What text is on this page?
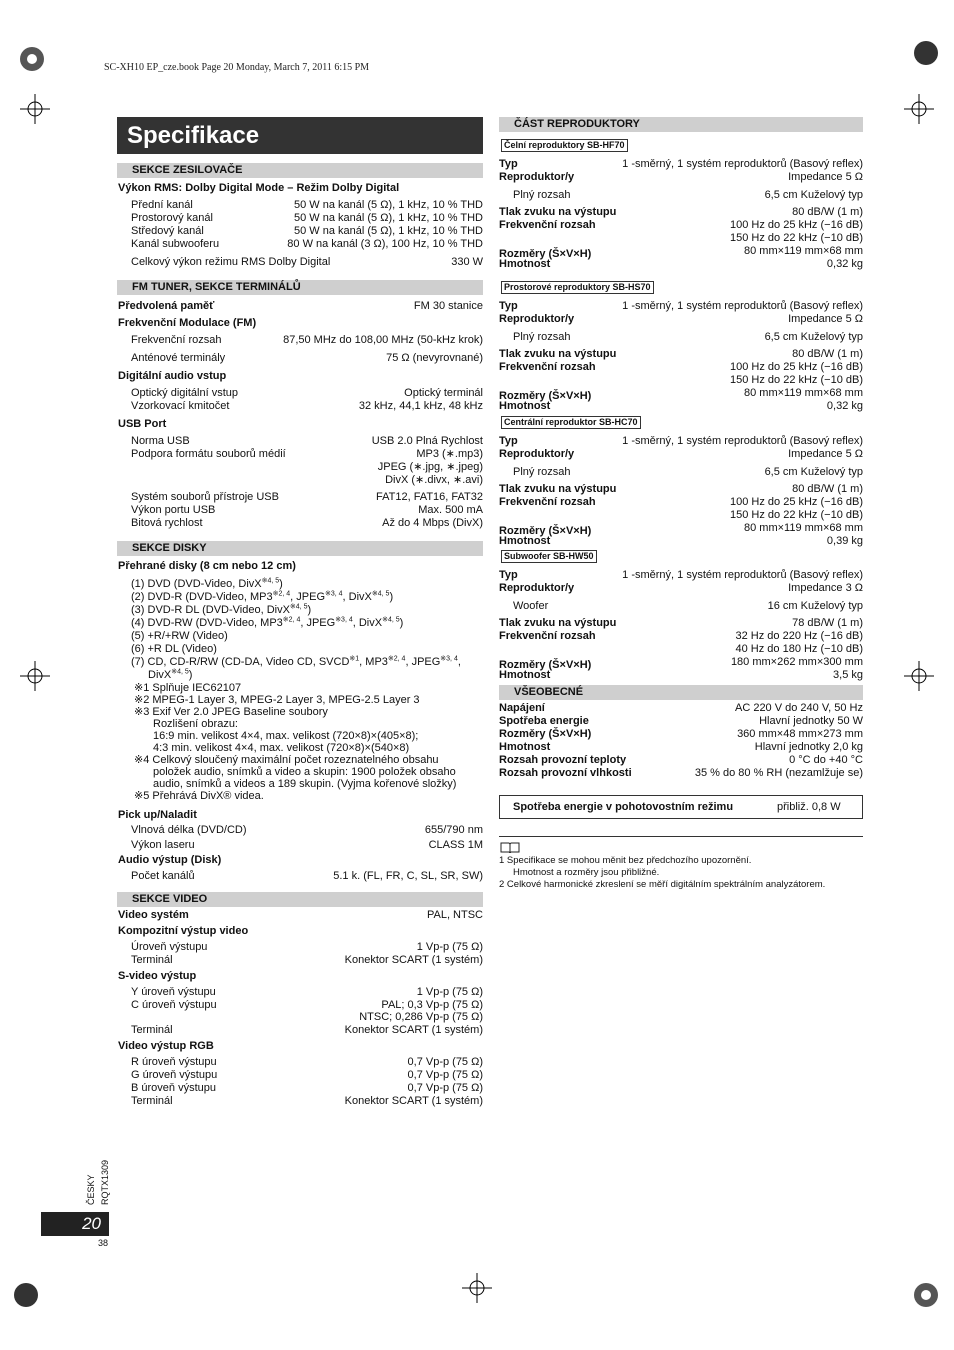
SC-XH10 EP_cze.book Page 20 Monday, March 7, 2011 6:15 PM
Specifikace
SEKCE ZESILOVAČE
Výkon RMS: Dolby Digital Mode – Režim Dolby Digital
Přední kanál	50 W na kanál (5 Ω), 1 kHz, 10 % THD
Prostorový kanál	50 W na kanál (5 Ω), 1 kHz, 10 % THD
Středový kanál	50 W na kanál (5 Ω), 1 kHz, 10 % THD
Kanál subwooferu	80 W na kanál (3 Ω), 100 Hz, 10 % THD
Celkový výkon režimu RMS Dolby Digital	330 W
FM TUNER, SEKCE TERMINÁLŮ
Předvolená paměť	FM 30 stanice
Frekvenční Modulace (FM)
Frekvenční rozsah	87,50 MHz do 108,00 MHz (50-kHz krok)
Anténové terminály	75 Ω (nevyrovnané)
Digitální audio vstup
Optický digitální vstup	Optický terminál
Vzorkovací kmitočet	32 kHz, 44,1 kHz, 48 kHz
USB Port
Norma USB	USB 2.0 Plná Rychlost
Podpora formátu souborů médií	MP3 (∗.mp3)
JPEG (∗.jpg, ∗.jpeg)
DivX (∗.divx, ∗.avi)
Systém souborů přístroje USB	FAT12, FAT16, FAT32
Výkon portu USB	Max. 500 mA
Bitová rychlost	Až do 4 Mbps (DivX)
SEKCE DISKY
Přehrané disky (8 cm nebo 12 cm)
(1) DVD (DVD-Video, DivX$^{※4, 5}$)
(2) DVD-R (DVD-Video, MP3$^{※2, 4}$, JPEG$^{※3, 4}$, DivX$^{※4, 5}$)
(3) DVD-R DL (DVD-Video, DivX$^{※4, 5}$)
(4) DVD-RW (DVD-Video, MP3$^{※2, 4}$, JPEG$^{※3, 4}$, DivX$^{※4, 5}$)
(5) +R/+RW (Video)
(6) +R DL (Video)
(7) CD, CD-R/RW (CD-DA, Video CD, SVCD$^{※1}$, MP3$^{※2, 4}$, JPEG$^{※3, 4}$,
DivX$^{※4, 5}$)
※1 Splňuje IEC62107
※2 MPEG-1 Layer 3, MPEG-2 Layer 3, MPEG-2.5 Layer 3
※3 Exif Ver 2.0 JPEG Baseline soubory
Rozlišení obrazu:
16:9 min. velikost 4×4, max. velikost (720×8)×(405×8);
4:3 min. velikost 4×4, max. velikost (720×8)×(540×8)
※4 Celkový sloučený maximální počet rozeznatelného obsahu
položek audio, snímků a video a skupin: 1900 položek obsaho
audio, snímků a videos a 189 skupin. (Vyjma kořenové složky)
※5 Přehrává DivX® videa.
Pick up/Naladit
Vlnová délka (DVD/CD)	655/790 nm
Výkon laseru	CLASS 1M
Audio výstup (Disk)
Počet kanálů	5.1 k. (FL, FR, C, SL, SR, SW)
SEKCE VIDEO
Video systém	PAL, NTSC
Kompozitní výstup video
Úroveň výstupu	1 Vp-p (75 Ω)
Terminál	Konektor SCART (1 systém)
S-video výstup
Y úroveň výstupu	1 Vp-p (75 Ω)
C úroveň výstupu	PAL; 0,3 Vp-p (75 Ω)
NTSC; 0,286 Vp-p (75 Ω)
Terminál	Konektor SCART (1 systém)
Video výstup RGB
R úroveň výstupu	0,7 Vp-p (75 Ω)
G úroveň výstupu	0,7 Vp-p (75 Ω)
B úroveň výstupu	0,7 Vp-p (75 Ω)
Terminál	Konektor SCART (1 systém)
ČÁST REPRODUKTORY
Čelní reproduktory SB-HF70
Typ	1 -směrný, 1 systém reproduktorů (Basový reflex)
Reproduktor/y	Impedance 5 Ω
Plný rozsah	6,5 cm Kuželový typ
Tlak zvuku na výstupu	80 dB/W (1 m)
Frekvenční rozsah	100 Hz do 25 kHz (−16 dB)
150 Hz do 22 kHz (−10 dB)
Rozměry (Š×V×H)	80 mm×119 mm×68 mm
Hmotnost	0,32 kg
Prostorové reproduktory SB-HS70
Typ	1 -směrný, 1 systém reproduktorů (Basový reflex)
Reproduktor/y	Impedance 5 Ω
Plný rozsah	6,5 cm Kuželový typ
Tlak zvuku na výstupu	80 dB/W (1 m)
Frekvenční rozsah	100 Hz do 25 kHz (−16 dB)
150 Hz do 22 kHz (−10 dB)
Rozměry (Š×V×H)	80 mm×119 mm×68 mm
Hmotnost	0,32 kg
Centrální reproduktor SB-HC70
Typ	1 -směrný, 1 systém reproduktorů (Basový reflex)
Reproduktor/y	Impedance 5 Ω
Plný rozsah	6,5 cm Kuželový typ
Tlak zvuku na výstupu	80 dB/W (1 m)
Frekvenční rozsah	100 Hz do 25 kHz (−16 dB)
150 Hz do 22 kHz (−10 dB)
Rozměry (Š×V×H)	80 mm×119 mm×68 mm
Hmotnost	0,39 kg
Subwoofer SB-HW50
Typ	1 -směrný, 1 systém reproduktorů (Basový reflex)
Reproduktor/y	Impedance 3 Ω
Woofer	16 cm Kuželový typ
Tlak zvuku na výstupu	78 dB/W (1 m)
Frekvenční rozsah	32 Hz do 220 Hz (−16 dB)
40 Hz do 180 Hz (−10 dB)
Rozměry (Š×V×H)	180 mm×262 mm×300 mm
Hmotnost	3,5 kg
VŠEOBECNÉ
Napájení	AC 220 V do 240 V, 50 Hz
Spotřeba energie	Hlavní jednotky 50 W
Rozměry (Š×V×H)	360 mm×48 mm×273 mm
Hmotnost	Hlavní jednotky 2,0 kg
Rozsah provozní teploty	0 °C do +40 °C
Rozsah provozní vlhkosti	35 % do 80 % RH (nezamlžuje se)
Spotřeba energie v pohotovostním režimu	přibliž. 0,8 W
1 Specifikace se mohou měnit bez předchozího upozornění.
Hmotnost a rozměry jsou přibližné.
2 Celkové harmonické zkreslení se měří digitálním spektrálním analyzátorem.
ČESKY RQTX1309
20
38
